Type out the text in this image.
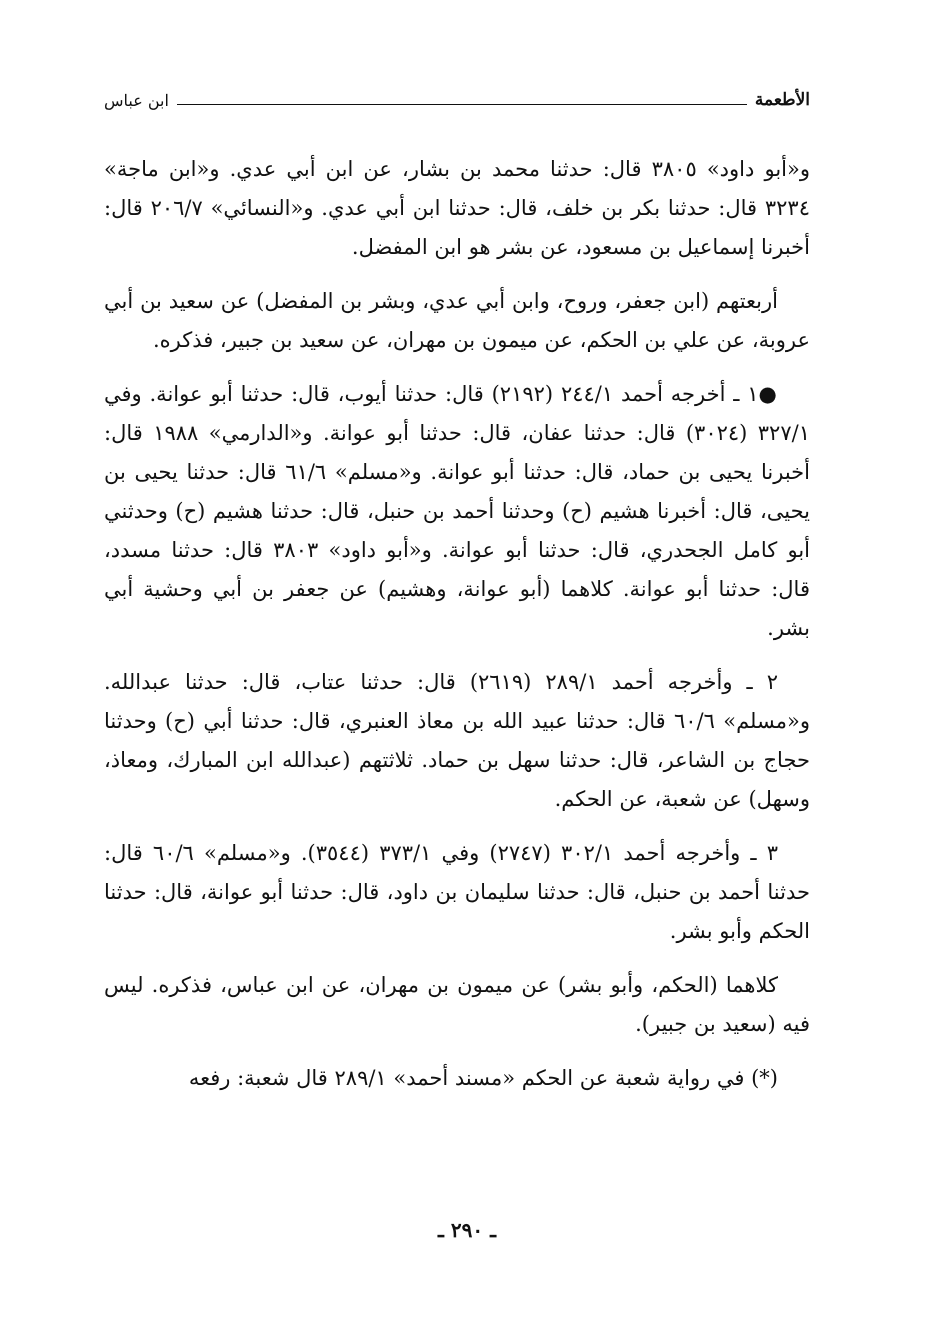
الأطعمة
ابن عباس

و«أبو داود» ٣٨٠٥ قال: حدثنا محمد بن بشار، عن ابن أبي عدي. و«ابن ماجة» ٣٢٣٤ قال: حدثنا بكر بن خلف، قال: حدثنا ابن أبي عدي. و«النسائي» ٢٠٦/٧ قال: أخبرنا إسماعيل بن مسعود، عن بشر هو ابن المفضل.

أربعتهم (ابن جعفر، وروح، وابن أبي عدي، وبشر بن المفضل) عن سعيد بن أبي عروبة، عن علي بن الحكم، عن ميمون بن مهران، عن سعيد بن جبير، فذكره.

●١ ـ أخرجه أحمد ٢٤٤/١ (٢١٩٢) قال: حدثنا أيوب، قال: حدثنا أبو عوانة. وفي ٣٢٧/١ (٣٠٢٤) قال: حدثنا عفان، قال: حدثنا أبو عوانة. و«الدارمي» ١٩٨٨ قال: أخبرنا يحيى بن حماد، قال: حدثنا أبو عوانة. و«مسلم» ٦١/٦ قال: حدثنا يحيى بن يحيى، قال: أخبرنا هشيم (ح) وحدثنا أحمد بن حنبل، قال: حدثنا هشيم (ح) وحدثني أبو كامل الجحدري، قال: حدثنا أبو عوانة. و«أبو داود» ٣٨٠٣ قال: حدثنا مسدد، قال: حدثنا أبو عوانة. كلاهما (أبو عوانة، وهشيم) عن جعفر بن أبي وحشية أبي بشر.

٢ ـ وأخرجه أحمد ٢٨٩/١ (٢٦١٩) قال: حدثنا عتاب، قال: حدثنا عبدالله. و«مسلم» ٦٠/٦ قال: حدثنا عبيد الله بن معاذ العنبري، قال: حدثنا أبي (ح) وحدثنا حجاج بن الشاعر، قال: حدثنا سهل بن حماد. ثلاثتهم (عبدالله ابن المبارك، ومعاذ، وسهل) عن شعبة، عن الحكم.

٣ ـ وأخرجه أحمد ٣٠٢/١ (٢٧٤٧) وفي ٣٧٣/١ (٣٥٤٤). و«مسلم» ٦٠/٦ قال: حدثنا أحمد بن حنبل، قال: حدثنا سليمان بن داود، قال: حدثنا أبو عوانة، قال: حدثنا الحكم وأبو بشر.

كلاهما (الحكم، وأبو بشر) عن ميمون بن مهران، عن ابن عباس، فذكره. ليس فيه (سعيد بن جبير).

(*) في رواية شعبة عن الحكم «مسند أحمد» ٢٨٩/١ قال شعبة: رفعه

ـ ٢٩٠ ـ
